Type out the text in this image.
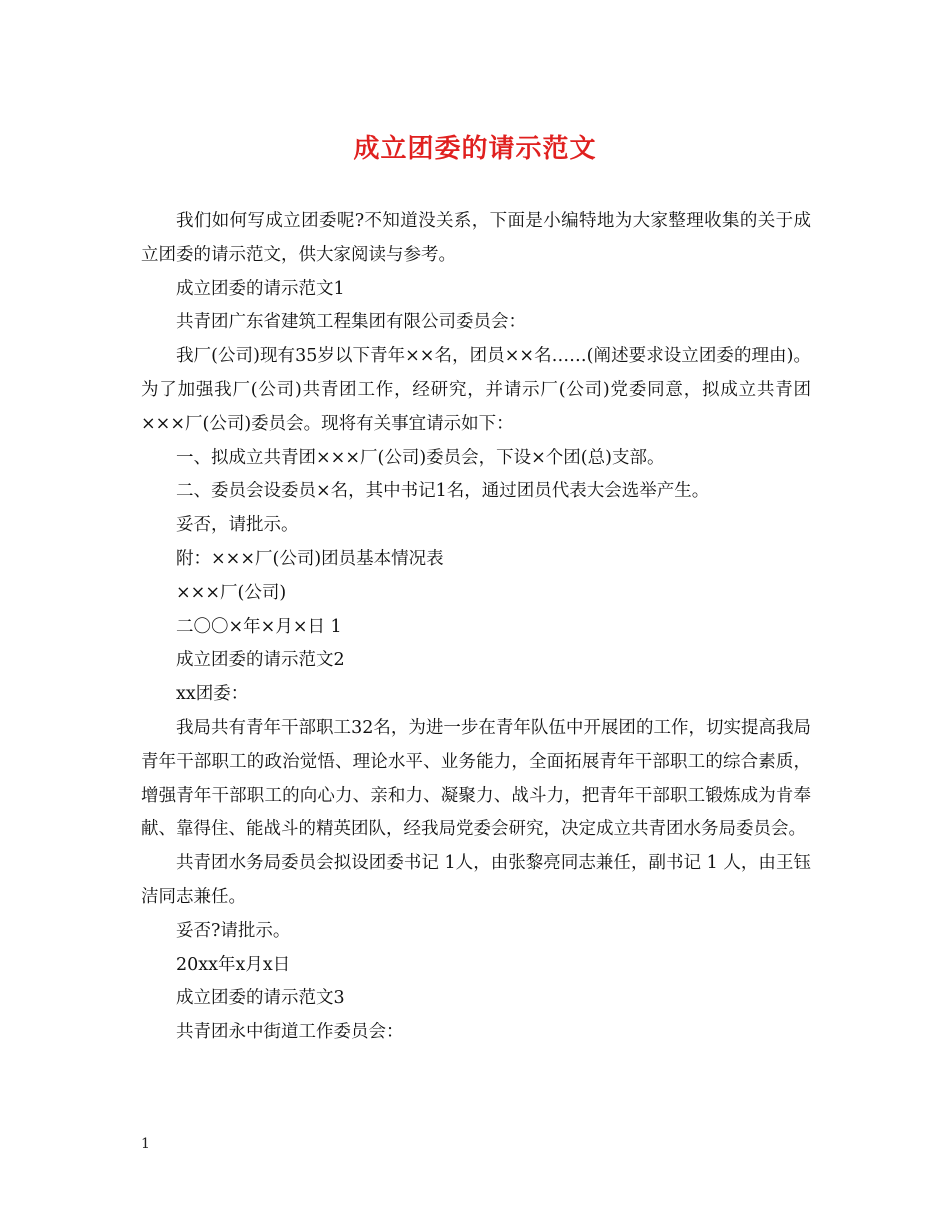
成立团委的请示范文

我们如何写成立团委呢?不知道没关系，下面是小编特地为大家整理收集的关于成立团委的请示范文，供大家阅读与参考。

成立团委的请示范文1

共青团广东省建筑工程集团有限公司委员会：

我厂(公司)现有35岁以下青年××名，团员××名……(阐述要求设立团委的理由)。为了加强我厂(公司)共青团工作，经研究，并请示厂(公司)党委同意，拟成立共青团×××厂(公司)委员会。现将有关事宜请示如下：

一、拟成立共青团×××厂(公司)委员会，下设×个团(总)支部。

二、委员会设委员×名，其中书记1名，通过团员代表大会选举产生。

妥否，请批示。

附：×××厂(公司)团员基本情况表

×××厂(公司)

二〇〇×年×月×日 1

成立团委的请示范文2

xx团委：

我局共有青年干部职工32名，为进一步在青年队伍中开展团的工作，切实提高我局青年干部职工的政治觉悟、理论水平、业务能力，全面拓展青年干部职工的综合素质，增强青年干部职工的向心力、亲和力、凝聚力、战斗力，把青年干部职工锻炼成为肯奉献、靠得住、能战斗的精英团队，经我局党委会研究，决定成立共青团水务局委员会。

共青团水务局委员会拟设团委书记 1人，由张黎亮同志兼任，副书记 1 人，由王钰洁同志兼任。

妥否?请批示。

20xx年x月x日

成立团委的请示范文3

共青团永中街道工作委员会：

1
